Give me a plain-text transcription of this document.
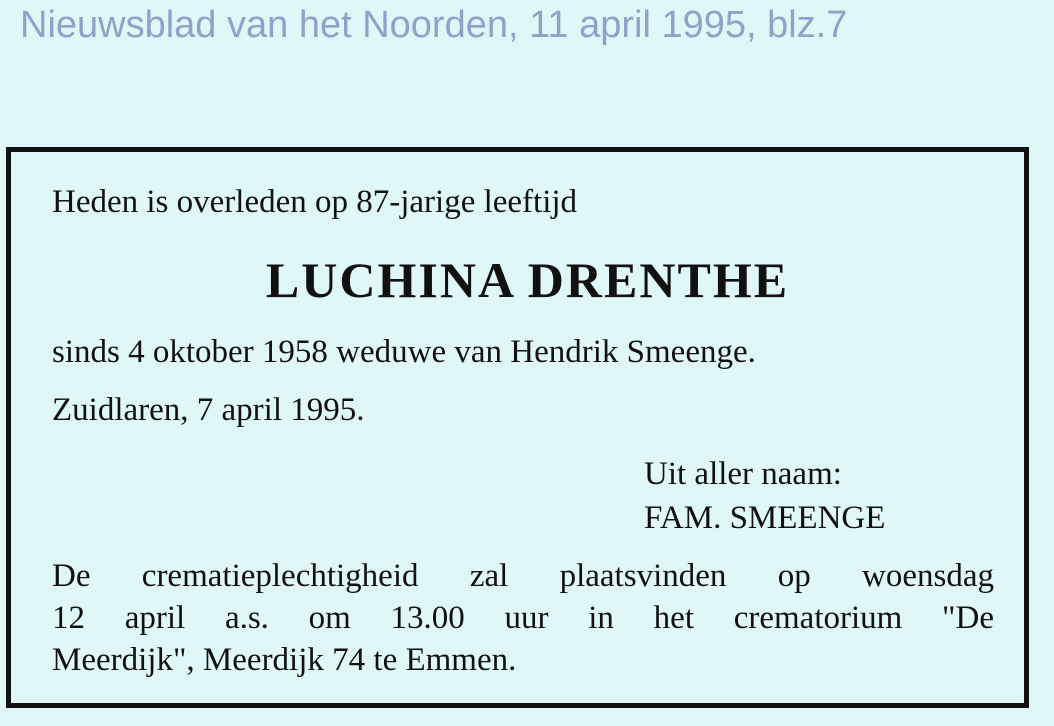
Nieuwsblad van het Noorden, 11 april 1995, blz.7

Heden is overleden op 87-jarige leeftijd

LUCHINA DRENTHE

sinds 4 oktober 1958 weduwe van Hendrik Smeenge.

Zuidlaren, 7 april 1995.

Uit aller naam:
FAM. SMEENGE
De crematieplechtigheid zal plaatsvinden op woensdag
12 april a.s. om 13.00 uur in het crematorium "De
Meerdijk", Meerdijk 74 te Emmen.
